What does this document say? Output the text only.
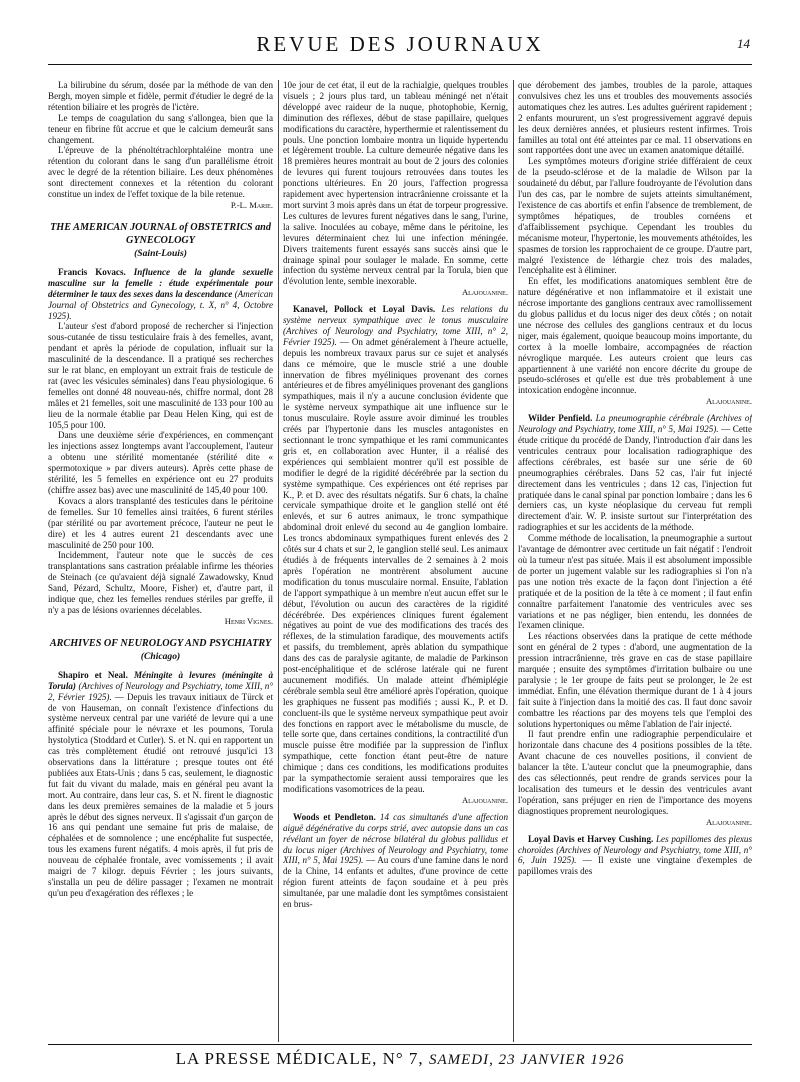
REVUE DES JOURNAUX	14

La bilirubine du sérum, dosée par la méthode de van den Bergh, moyen simple et fidèle, permit d'étudier le degré de la rétention biliaire et les progrès de l'ictère.

Le temps de coagulation du sang s'allongea, bien que la teneur en fibrine fût accrue et que le calcium demeurât sans changement.

L'épreuve de la phénoltétrachlorphtaléine montra une rétention du colorant dans le sang d'un parallélisme étroit avec le degré de la rétention biliaire. Les deux phénomènes sont directement connexes et la rétention du colorant constitue un index de l'effet toxique de la bile retenue.

P.-L. Marie.

THE AMERICAN JOURNAL of OBSTETRICS and GYNECOLOGY

(Saint-Louis)

Francis Kovacs. Influence de la glande sexuelle masculine sur la femelle : étude expérimentale pour déterminer le taux des sexes dans la descendance (American Journal of Obstetrics and Gynecology, t. X, n° 4, Octobre 1925).

L'auteur s'est d'abord proposé de rechercher si l'injection sous-cutanée de tissu testiculaire frais à des femelles, avant, pendant et après la période de copulation, influait sur la masculinité de la descendance. Il a pratiqué ses recherches sur le rat blanc, en employant un extrait frais de testicule de rat (avec les vésicules séminales) dans l'eau physiologique. 6 femelles ont donné 48 nouveau-nés, chiffre normal, dont 28 mâles et 21 femelles, soit une masculinité de 133 pour 100 au lieu de la normale établie par Deau Helen King, qui est de 105,5 pour 100.

Dans une deuxième série d'expériences, en commençant les injections assez longtemps avant l'accouplement, l'auteur a obtenu une stérilité momentanée (stérilité dite « spermotoxique » par divers auteurs). Après cette phase de stérilité, les 5 femelles en expérience ont eu 27 produits (chiffre assez bas) avec une masculinité de 145,40 pour 100.

Kovacs a alors transplanté des testicules dans le péritoine de femelles. Sur 10 femelles ainsi traitées, 6 furent stériles (par stérilité ou par avortement précoce, l'auteur ne peut le dire) et les 4 autres eurent 21 descendants avec une masculinité de 250 pour 100.

Incidemment, l'auteur note que le succès de ces transplantations sans castration préalable infirme les théories de Steinach (ce qu'avaient déjà signalé Zawadowsky, Knud Sand, Pézard, Schultz, Moore, Fisher) et, d'autre part, il indique que, chez les femelles rendues stériles par greffe, il n'y a pas de lésions ovariennes décelables.

Henri Vignes.

ARCHIVES OF NEUROLOGY AND PSYCHIATRY

(Chicago)

Shapiro et Neal. Méningite à levures (méningite à Torula) (Archives of Neurology and Psychiatry, tome XIII, n° 2, Février 1925). — Depuis les travaux initiaux de Türck et de von Hauseman, on connaît l'existence d'infections du système nerveux central par une variété de levure qui a une affinité spéciale pour le névraxe et les poumons, Torula hystolytica (Stoddard et Cutler). S. et N. qui en rapportent un cas très complètement étudié ont retrouvé jusqu'ici 13 observations dans la littérature ; presque toutes ont été publiées aux Etats-Unis ; dans 5 cas, seulement, le diagnostic fut fait du vivant du malade, mais en général peu avant la mort. Au contraire, dans leur cas, S. et N. firent le diagnostic dans les deux premières semaines de la maladie et 5 jours après le début des signes nerveux. Il s'agissait d'un garçon de 16 ans qui pendant une semaine fut pris de malaise, de céphalées et de somnolence ; une encéphalite fut suspectée, tous les examens furent négatifs. 4 mois après, il fut pris de nouveau de céphalée frontale, avec vomissements ; il avait maigri de 7 kilogr. depuis Février ; les jours suivants, s'installa un peu de délire passager ; l'examen ne montrait qu'un peu d'exagération des réflexes ; le

10e jour de cet état, il eut de la rachialgie, quelques troubles visuels ; 2 jours plus tard, un tableau méningé net n'était développé avec raideur de la nuque, photophobie, Kernig, diminution des réflexes, début de stase papillaire, quelques modifications du caractère, hyperthermie et ralentissement du pouls. Une ponction lombaire montra un liquide hypertendu et légèrement trouble. La culture demeurée négative dans les 18 premières heures montrait au bout de 2 jours des colonies de levures qui furent toujours retrouvées dans toutes les ponctions ultérieures. En 20 jours, l'affection progressa rapidement avec hypertension intracrânienne croissante et la mort survint 3 mois après dans un état de torpeur progressive. Les cultures de levures furent négatives dans le sang, l'urine, la salive. Inoculées au cobaye, même dans le péritoine, les levures déterminaient chez lui une infection méningée. Divers traitements furent essayés sans succès ainsi que le drainage spinal pour soulager le malade. En somme, cette infection du système nerveux central par la Torula, bien que d'évolution lente, semble inexorable.

Alajouanine.

Kanavel, Pollock et Loyal Davis. Les relations du système nerveux sympathique avec le tonus musculaire (Archives of Neurology and Psychiatry, tome XIII, n° 2, Février 1925). — On admet généralement à l'heure actuelle, depuis les nombreux travaux parus sur ce sujet et analysés dans ce mémoire, que le muscle strié a une double innervation de fibres myéliniques provenant des cornes antérieures et de fibres amyéliniques provenant des ganglions sympathiques, mais il n'y a aucune conclusion évidente que le système nerveux sympathique ait une influence sur le tonus musculaire. Royle assure avoir diminué les troubles créés par l'hypertonie dans les muscles antagonistes en sectionnant le tronc sympathique et les rami communicantes gris et, en collaboration avec Hunter, il a réalisé des expériences qui semblaient montrer qu'il est possible de modifier le degré de la rigidité décérébrée par la section du système sympathique. Ces expériences ont été reprises par K., P. et D. avec des résultats négatifs. Sur 6 chats, la chaîne cervicale sympathique droite et le ganglion stellé ont été enlevés, et sur 6 autres animaux, le tronc sympathique abdominal droit enlevé du second au 4e ganglion lombaire. Les troncs abdominaux sympathiques furent enlevés des 2 côtés sur 4 chats et sur 2, le ganglion stellé seul. Les animaux étudiés à de fréquents intervalles de 2 semaines à 2 mois après l'opération ne montrèrent absolument aucune modification du tonus musculaire normal. Ensuite, l'ablation de l'apport sympathique à un membre n'eut aucun effet sur le début, l'évolution ou aucun des caractères de la rigidité décérébrée. Des expériences cliniques furent également négatives au point de vue des modifications des tracés des réflexes, de la stimulation faradique, des mouvements actifs et passifs, du tremblement, après ablation du sympathique dans des cas de paralysie agitante, de maladie de Parkinson post-encéphalitique et de sclérose latérale qui ne furent aucunement modifiés. Un malade atteint d'hémiplégie cérébrale sembla seul être amélioré après l'opération, quoique les graphiques ne fussent pas modifiés ; aussi K., P. et D. concluent-ils que le système nerveux sympathique peut avoir des fonctions en rapport avec le métabolisme du muscle, de telle sorte que, dans certaines conditions, la contractilité d'un muscle puisse être modifiée par la suppression de l'influx sympathique, cette fonction étant peut-être de nature chimique ; dans ces conditions, les modifications produites par la sympathectomie seraient aussi temporaires que les modifications vasomotrices de la peau.

Alajouanine.

Woods et Pendleton. 14 cas simultanés d'une affection aiguë dégénérative du corps strié, avec autopsie dans un cas révélant un foyer de nécrose bilatéral du globus pallidus et du locus niger (Archives of Neurology and Psychiatry, tome XIII, n° 5, Mai 1925). — Au cours d'une famine dans le nord de la Chine, 14 enfants et adultes, d'une province de cette région furent atteints de façon soudaine et à peu près simultanée, par une maladie dont les symptômes consistaient en brus-

que dérobement des jambes, troubles de la parole, attaques convulsives chez les uns et troubles des mouvements associés automatiques chez les autres. Les adultes guérirent rapidement ; 2 enfants moururent, un s'est progressivement aggravé depuis les deux dernières années, et plusieurs restent infirmes. Trois familles au total ont été atteintes par ce mal. 11 observations en sont rapportées dont une avec un examen anatomique détaillé.

Les symptômes moteurs d'origine striée différaient de ceux de la pseudo-sclérose et de la maladie de Wilson par la soudaineté du début, par l'allure foudroyante de l'évolution dans l'un des cas, par le nombre de sujets atteints simultanément, l'existence de cas abortifs et enfin l'absence de tremblement, de symptômes hépatiques, de troubles cornéens et d'affaiblissement psychique. Cependant les troubles du mécanisme moteur, l'hypertonie, les mouvements athétoïdes, les spasmes de torsion les rapprochaient de ce groupe. D'autre part, malgré l'existence de léthargie chez trois des malades, l'encéphalite est à éliminer.

En effet, les modifications anatomiques semblent être de nature dégénérative et non inflammatoire et il existait une nécrose importante des ganglions centraux avec ramollissement du globus pallidus et du locus niger des deux côtés ; on notait une nécrose des cellules des ganglions centraux et du locus niger, mais également, quoique beaucoup moins importante, du cortex à la moelle lombaire, accompagnées de réaction névroglique marquée. Les auteurs croient que leurs cas appartiennent à une variété non encore décrite du groupe de pseudo-scléroses et qu'elle est due très probablement à une intoxication endogène inconnue.

Alajouanine.

Wilder Penfield. La pneumographie cérébrale (Archives of Neurology and Psychiatry, tome XIII, n° 5, Mai 1925). — Cette étude critique du procédé de Dandy, l'introduction d'air dans les ventricules centraux pour localisation radiographique des affections cérébrales, est basée sur une série de 60 pneumographies cérébrales. Dans 52 cas, l'air fut injecté directement dans les ventricules ; dans 12 cas, l'injection fut pratiquée dans le canal spinal par ponction lombaire ; dans les 6 derniers cas, un kyste néoplasique du cerveau fut rempli directement d'air. W. P. insiste surtout sur l'interprétation des radiographies et sur les accidents de la méthode.

Comme méthode de localisation, la pneumographie a surtout l'avantage de démontrer avec certitude un fait négatif : l'endroit où la tumeur n'est pas située. Mais il est absolument impossible de porter un jugement valable sur les radiographies si l'on n'a pas une notion très exacte de la façon dont l'injection a été pratiquée et de la position de la tête à ce moment ; il faut enfin connaître parfaitement l'anatomie des ventricules avec ses variations et ne pas négliger, bien entendu, les données de l'examen clinique.

Les réactions observées dans la pratique de cette méthode sont en général de 2 types : d'abord, une augmentation de la pression intracrânienne, très grave en cas de stase papillaire marquée ; ensuite des symptômes d'irritation bulbaire ou une paralysie ; le 1er groupe de faits peut se prolonger, le 2e est immédiat. Enfin, une élévation thermique durant de 1 à 4 jours fait suite à l'injection dans la moitié des cas. Il faut donc savoir combattre les réactions par des moyens tels que l'emploi des solutions hypertoniques ou même l'ablation de l'air injecté.

Il faut prendre enfin une radiographie perpendiculaire et horizontale dans chacune des 4 positions possibles de la tête. Avant chacune de ces nouvelles positions, il convient de balancer la tête. L'auteur conclut que la pneumographie, dans des cas sélectionnés, peut rendre de grands services pour la localisation des tumeurs et le dessin des ventricules avant l'opération, sans préjuger en rien de l'importance des moyens diagnostiques proprement neurologiques.

Alajouanine.

Loyal Davis et Harvey Cushing. Les papillomes des plexus choroïdes (Archives of Neurology and Psychiatry, tome XIII, n° 6, Juin 1925). — Il existe une vingtaine d'exemples de papillomes vrais des

LA PRESSE MÉDICALE, N° 7, SAMEDI, 23 JANVIER 1926
